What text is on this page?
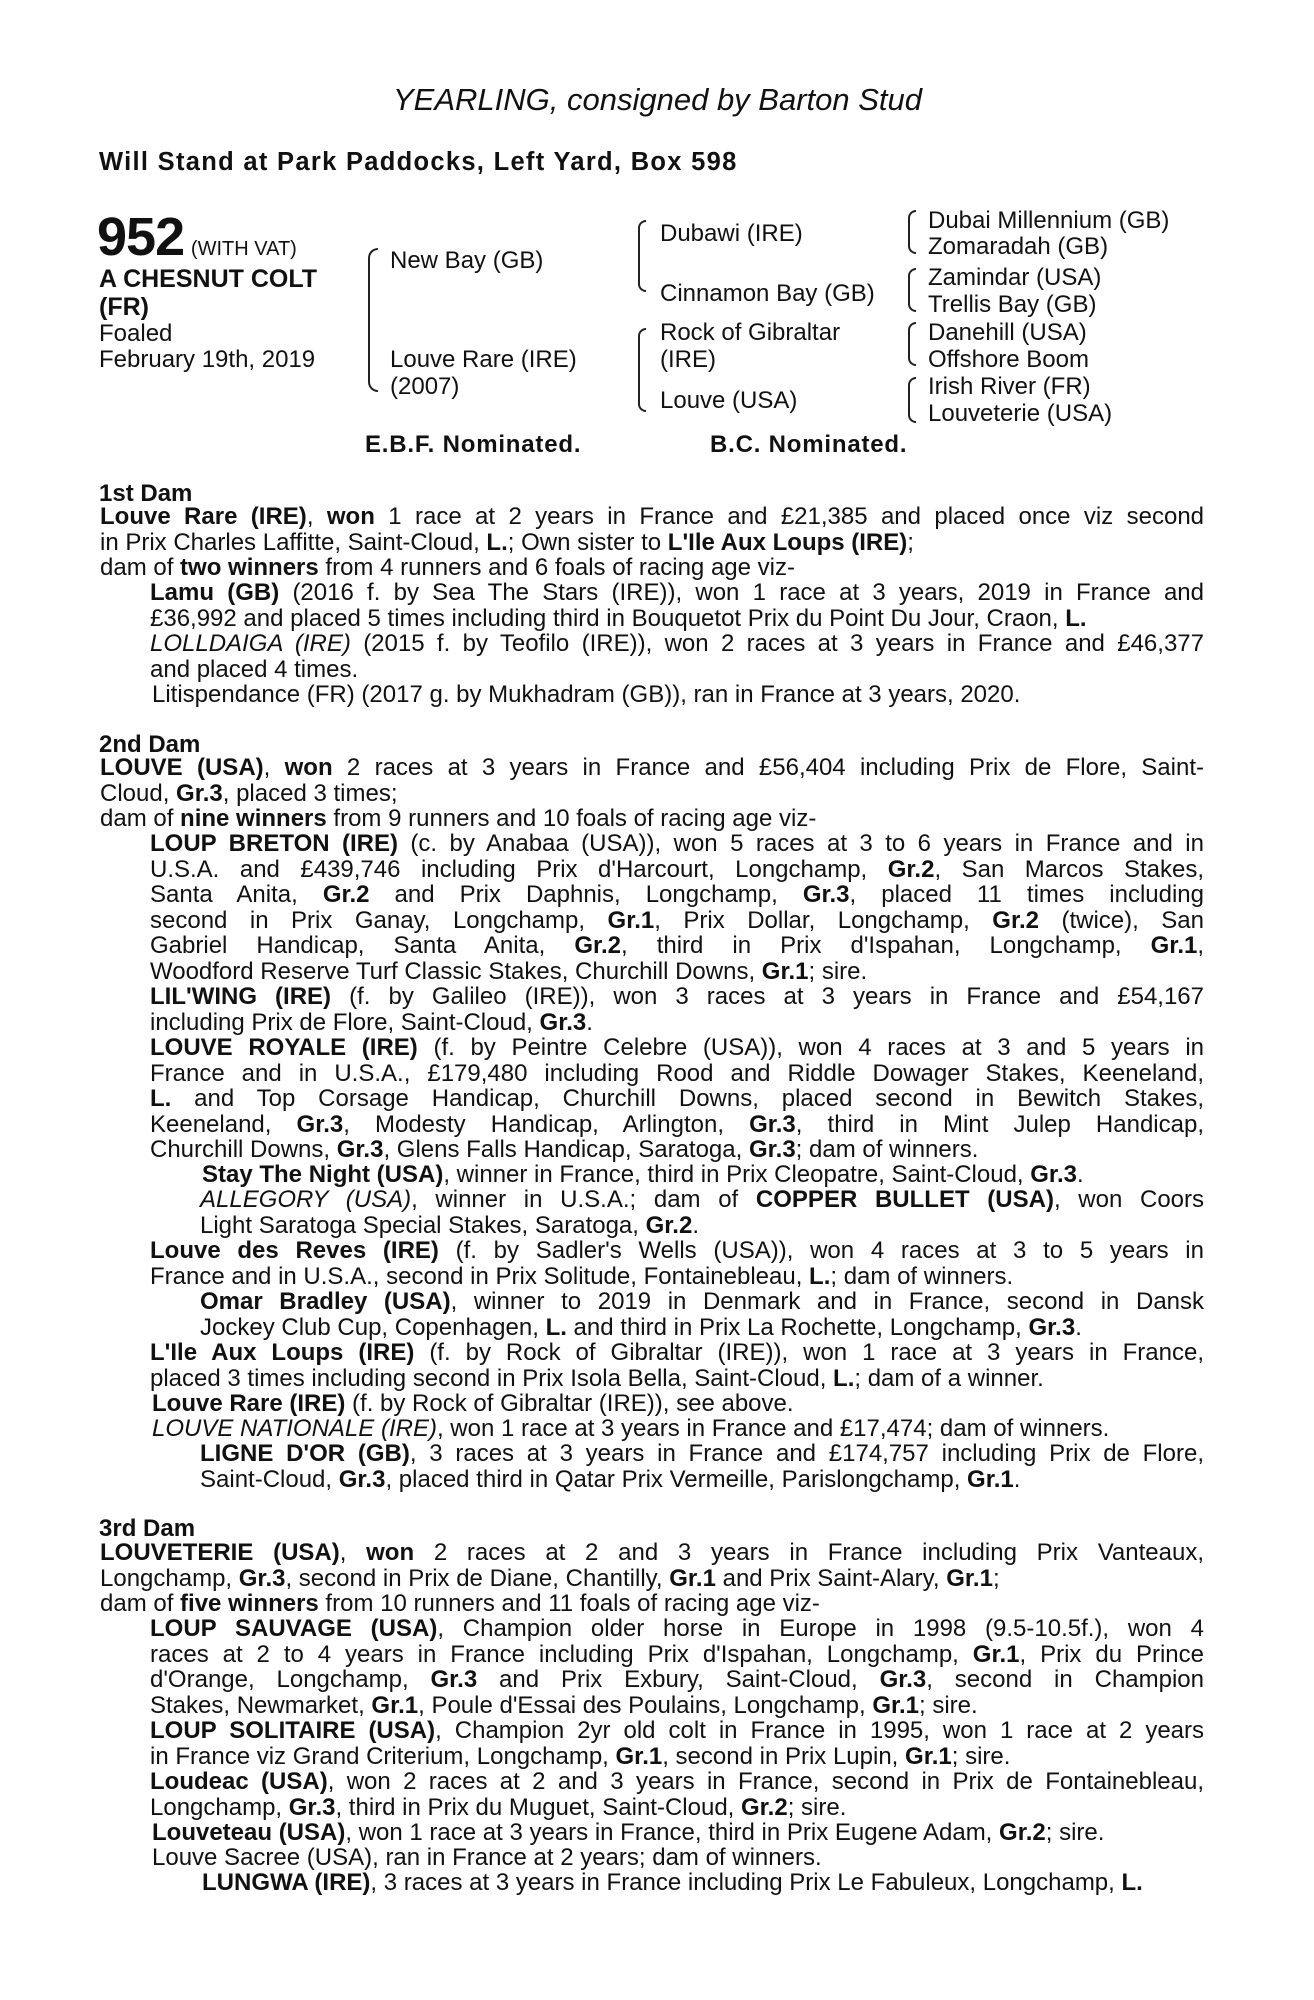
YEARLING, consigned by Barton Stud
Will Stand at Park Paddocks, Left Yard, Box 598
952 (WITH VAT)
A CHESNUT COLT
(FR)
Foaled
February 19th, 2019
New Bay (GB)
Louve Rare (IRE)
(2007)
Dubawi (IRE)
Cinnamon Bay (GB)
Rock of Gibraltar
(IRE)
Louve (USA)
Dubai Millennium (GB)
Zomaradah (GB)
Zamindar (USA)
Trellis Bay (GB)
Danehill (USA)
Offshore Boom
Irish River (FR)
Louveterie (USA)
E.B.F. Nominated.	B.C. Nominated.
1st Dam
Louve Rare (IRE), won 1 race at 2 years in France and £21,385 and placed once viz second
in Prix Charles Laffitte, Saint-Cloud, L.; Own sister to L'Ile Aux Loups (IRE);
dam of two winners from 4 runners and 6 foals of racing age viz-
Lamu (GB) (2016 f. by Sea The Stars (IRE)), won 1 race at 3 years, 2019 in France and
£36,992 and placed 5 times including third in Bouquetot Prix du Point Du Jour, Craon, L.
LOLLDAIGA (IRE) (2015 f. by Teofilo (IRE)), won 2 races at 3 years in France and £46,377
and placed 4 times.
Litispendance (FR) (2017 g. by Mukhadram (GB)), ran in France at 3 years, 2020.
2nd Dam
LOUVE (USA), won 2 races at 3 years in France and £56,404 including Prix de Flore, Saint-
Cloud, Gr.3, placed 3 times;
dam of nine winners from 9 runners and 10 foals of racing age viz-
LOUP BRETON (IRE) (c. by Anabaa (USA)), won 5 races at 3 to 6 years in France and in
U.S.A. and £439,746 including Prix d'Harcourt, Longchamp, Gr.2, San Marcos Stakes,
Santa Anita, Gr.2 and Prix Daphnis, Longchamp, Gr.3, placed 11 times including
second in Prix Ganay, Longchamp, Gr.1, Prix Dollar, Longchamp, Gr.2 (twice), San
Gabriel Handicap, Santa Anita, Gr.2, third in Prix d'Ispahan, Longchamp, Gr.1,
Woodford Reserve Turf Classic Stakes, Churchill Downs, Gr.1; sire.
LIL'WING (IRE) (f. by Galileo (IRE)), won 3 races at 3 years in France and £54,167
including Prix de Flore, Saint-Cloud, Gr.3.
LOUVE ROYALE (IRE) (f. by Peintre Celebre (USA)), won 4 races at 3 and 5 years in
France and in U.S.A., £179,480 including Rood and Riddle Dowager Stakes, Keeneland,
L. and Top Corsage Handicap, Churchill Downs, placed second in Bewitch Stakes,
Keeneland, Gr.3, Modesty Handicap, Arlington, Gr.3, third in Mint Julep Handicap,
Churchill Downs, Gr.3, Glens Falls Handicap, Saratoga, Gr.3; dam of winners.
Stay The Night (USA), winner in France, third in Prix Cleopatre, Saint-Cloud, Gr.3.
ALLEGORY (USA), winner in U.S.A.; dam of COPPER BULLET (USA), won Coors
Light Saratoga Special Stakes, Saratoga, Gr.2.
Louve des Reves (IRE) (f. by Sadler's Wells (USA)), won 4 races at 3 to 5 years in
France and in U.S.A., second in Prix Solitude, Fontainebleau, L.; dam of winners.
Omar Bradley (USA), winner to 2019 in Denmark and in France, second in Dansk
Jockey Club Cup, Copenhagen, L. and third in Prix La Rochette, Longchamp, Gr.3.
L'Ile Aux Loups (IRE) (f. by Rock of Gibraltar (IRE)), won 1 race at 3 years in France,
placed 3 times including second in Prix Isola Bella, Saint-Cloud, L.; dam of a winner.
Louve Rare (IRE) (f. by Rock of Gibraltar (IRE)), see above.
LOUVE NATIONALE (IRE), won 1 race at 3 years in France and £17,474; dam of winners.
LIGNE D'OR (GB), 3 races at 3 years in France and £174,757 including Prix de Flore,
Saint-Cloud, Gr.3, placed third in Qatar Prix Vermeille, Parislongchamp, Gr.1.
3rd Dam
LOUVETERIE (USA), won 2 races at 2 and 3 years in France including Prix Vanteaux,
Longchamp, Gr.3, second in Prix de Diane, Chantilly, Gr.1 and Prix Saint-Alary, Gr.1;
dam of five winners from 10 runners and 11 foals of racing age viz-
LOUP SAUVAGE (USA), Champion older horse in Europe in 1998 (9.5-10.5f.), won 4
races at 2 to 4 years in France including Prix d'Ispahan, Longchamp, Gr.1, Prix du Prince
d'Orange, Longchamp, Gr.3 and Prix Exbury, Saint-Cloud, Gr.3, second in Champion
Stakes, Newmarket, Gr.1, Poule d'Essai des Poulains, Longchamp, Gr.1; sire.
LOUP SOLITAIRE (USA), Champion 2yr old colt in France in 1995, won 1 race at 2 years
in France viz Grand Criterium, Longchamp, Gr.1, second in Prix Lupin, Gr.1; sire.
Loudeac (USA), won 2 races at 2 and 3 years in France, second in Prix de Fontainebleau,
Longchamp, Gr.3, third in Prix du Muguet, Saint-Cloud, Gr.2; sire.
Louveteau (USA), won 1 race at 3 years in France, third in Prix Eugene Adam, Gr.2; sire.
Louve Sacree (USA), ran in France at 2 years; dam of winners.
LUNGWA (IRE), 3 races at 3 years in France including Prix Le Fabuleux, Longchamp, L.
